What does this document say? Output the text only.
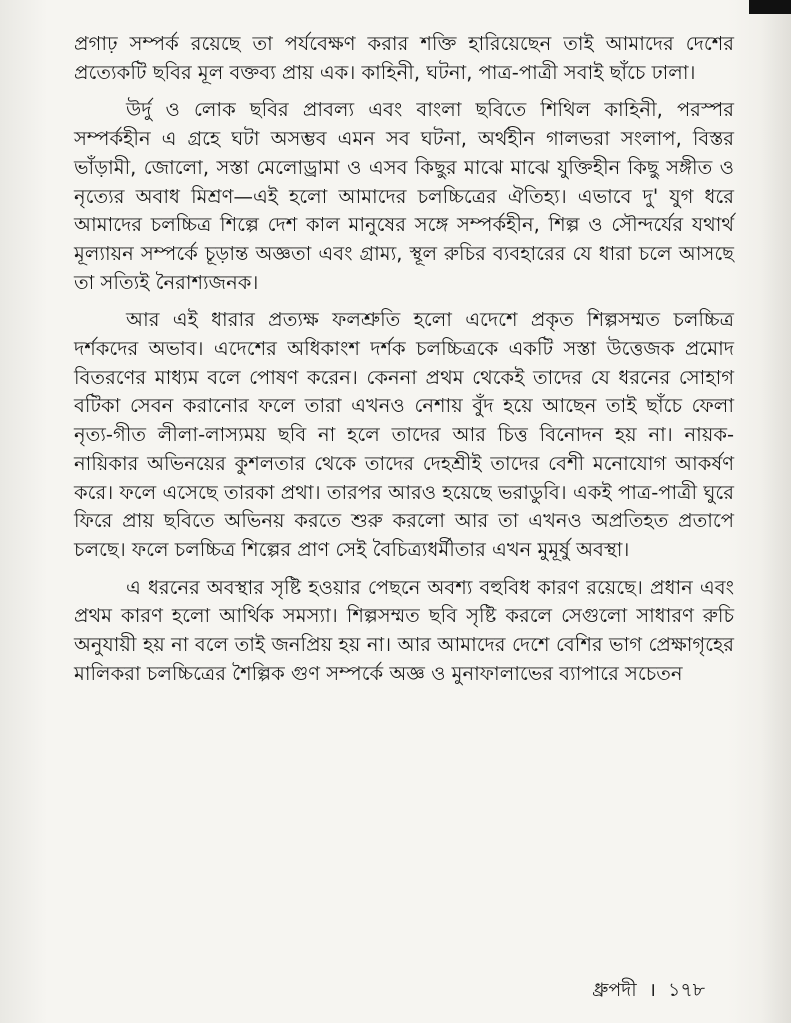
প্রগাঢ় সম্পর্ক রয়েছে তা পর্যবেক্ষণ করার শক্তি হারিয়েছেন তাই আমাদের দেশের প্রত্যেকটি ছবির মূল বক্তব্য প্রায় এক। কাহিনী, ঘটনা, পাত্র-পাত্রী সবাই ছাঁচে ঢালা।

উর্দু ও লোক ছবির প্রাবল্য এবং বাংলা ছবিতে শিথিল কাহিনী, পরস্পর সম্পর্কহীন এ গ্রহে ঘটা অসম্ভব এমন সব ঘটনা, অর্থহীন গালভরা সংলাপ, বিস্তর ভাঁড়ামী, জোলো, সস্তা মেলোড্রামা ও এসব কিছুর মাঝে মাঝে যুক্তিহীন কিছু সঙ্গীত ও নৃত্যের অবাধ মিশ্রণ—এই হলো আমাদের চলচ্চিত্রের ঐতিহ্য। এভাবে দু' যুগ ধরে আমাদের চলচ্চিত্র শিল্পে দেশ কাল মানুষের সঙ্গে সম্পর্কহীন, শিল্প ও সৌন্দর্যের যথার্থ মূল্যায়ন সম্পর্কে চূড়ান্ত অজ্ঞতা এবং গ্রাম্য, স্থূল রুচির ব্যবহারের যে ধারা চলে আসছে তা সত্যিই নৈরাশ্যজনক।

আর এই ধারার প্রত্যক্ষ ফলশ্রুতি হলো এদেশে প্রকৃত শিল্পসম্মত চলচ্চিত্র দর্শকদের অভাব। এদেশের অধিকাংশ দর্শক চলচ্চিত্রকে একটি সস্তা উত্তেজক প্রমোদ বিতরণের মাধ্যম বলে পোষণ করেন। কেননা প্রথম থেকেই তাদের যে ধরনের সোহাগ বটিকা সেবন করানোর ফলে তারা এখনও নেশায় বুঁদ হয়ে আছেন তাই ছাঁচে ফেলা নৃত্য-গীত লীলা-লাস্যময় ছবি না হলে তাদের আর চিত্ত বিনোদন হয় না। নায়ক-নায়িকার অভিনয়ের কুশলতার থেকে তাদের দেহশ্রীই তাদের বেশী মনোযোগ আকর্ষণ করে। ফলে এসেছে তারকা প্রথা। তারপর আরও হয়েছে ভরাডুবি। একই পাত্র-পাত্রী ঘুরে ফিরে প্রায় ছবিতে অভিনয় করতে শুরু করলো আর তা এখনও অপ্রতিহত প্রতাপে চলছে। ফলে চলচ্চিত্র শিল্পের প্রাণ সেই বৈচিত্র্যধর্মীতার এখন মুমূর্ষু অবস্থা।

এ ধরনের অবস্থার সৃষ্টি হওয়ার পেছনে অবশ্য বহুবিধ কারণ রয়েছে। প্রধান এবং প্রথম কারণ হলো আর্থিক সমস্যা। শিল্পসম্মত ছবি সৃষ্টি করলে সেগুলো সাধারণ রুচি অনুযায়ী হয় না বলে তাই জনপ্রিয় হয় না। আর আমাদের দেশে বেশির ভাগ প্রেক্ষাগৃহের মালিকরা চলচ্চিত্রের শৈল্পিক গুণ সম্পর্কে অজ্ঞ ও মুনাফালাভের ব্যাপারে সচেতন

ধ্রুপদী । ১৭৮
